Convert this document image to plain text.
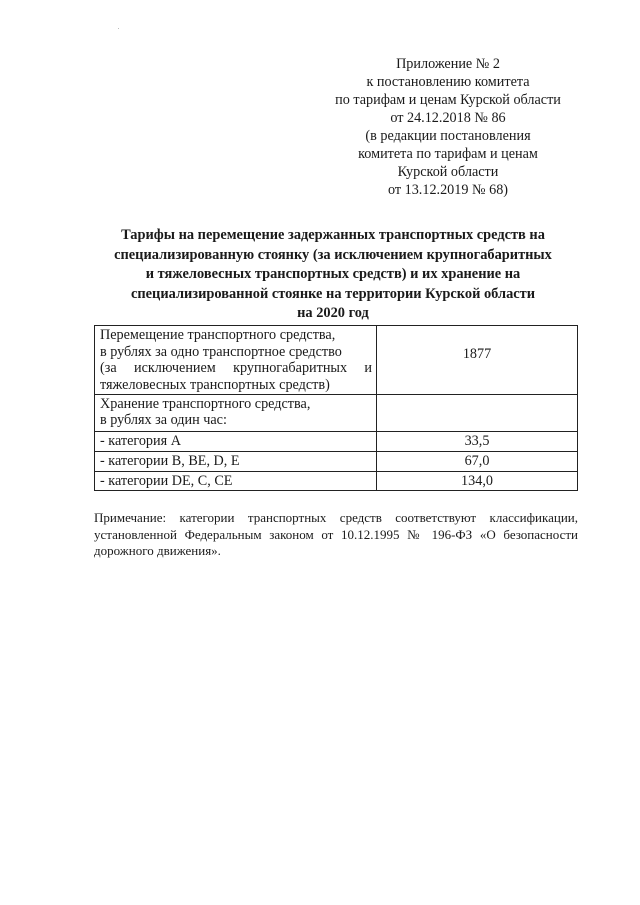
Приложение № 2
к постановлению комитета
по тарифам и ценам Курской области
от 24.12.2018 № 86
(в редакции постановления
комитета по тарифам и ценам
Курской области
от 13.12.2019 № 68)
Тарифы на перемещение задержанных транспортных средств на
специализированную стоянку (за исключением крупногабаритных
и тяжеловесных транспортных средств) и их хранение на
специализированной стоянке на территории Курской области
на 2020 год
Перемещение транспортного средства,
в рублях за одно транспортное средство
(за исключением крупногабаритных и
тяжеловесных транспортных средств)	1877

Хранение транспортного средства,
в рублях за один час:	

- категория A	33,5
- категории B, BE, D, E	67,0
- категории DE, C, CE	134,0
Примечание: категории транспортных средств соответствуют классификации, установленной Федеральным законом от 10.12.1995 № 196-ФЗ «О безопасности дорожного движения».
